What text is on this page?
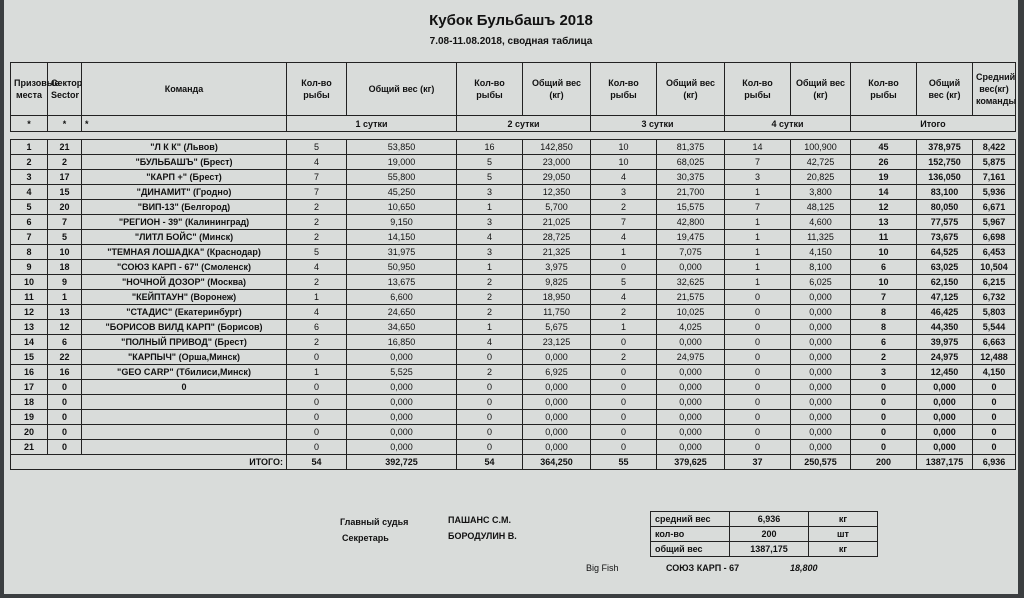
Кубок Бульбашъ 2018
7.08-11.08.2018, сводная таблица
Призовые места	Сектор Sector	Команда	Кол-во рыбы	Общий вес (кг)	Кол-во рыбы	Общий вес (кг)	Кол-во рыбы	Общий вес (кг)	Кол-во рыбы	Общий вес (кг)	Кол-во рыбы	Общий вес (кг)	Средний вес(кг) команды
*	*	*	1 сутки		2 сутки		3 сутки		4 сутки		Итого		

1	21	"Л К К" (Львов)	5	53,850	16	142,850	10	81,375	14	100,900	45	378,975	8,422
2	2	"БУЛЬБАШЪ" (Брест)	4	19,000	5	23,000	10	68,025	7	42,725	26	152,750	5,875
3	17	"КАРП +" (Брест)	7	55,800	5	29,050	4	30,375	3	20,825	19	136,050	7,161
4	15	"ДИНАМИТ" (Гродно)	7	45,250	3	12,350	3	21,700	1	3,800	14	83,100	5,936
5	20	"ВИП-13" (Белгород)	2	10,650	1	5,700	2	15,575	7	48,125	12	80,050	6,671
6	7	"РЕГИОН - 39" (Калининград)	2	9,150	3	21,025	7	42,800	1	4,600	13	77,575	5,967
7	5	"ЛИТЛ БОЙС" (Минск)	2	14,150	4	28,725	4	19,475	1	11,325	11	73,675	6,698
8	10	"ТЕМНАЯ ЛОШАДКА" (Краснодар)	5	31,975	3	21,325	1	7,075	1	4,150	10	64,525	6,453
9	18	"СОЮЗ КАРП - 67" (Смоленск)	4	50,950	1	3,975	0	0,000	1	8,100	6	63,025	10,504
10	9	"НОЧНОЙ ДОЗОР" (Москва)	2	13,675	2	9,825	5	32,625	1	6,025	10	62,150	6,215
11	1	"КЕЙПТАУН" (Воронеж)	1	6,600	2	18,950	4	21,575	0	0,000	7	47,125	6,732
12	13	"СТАДИС" (Екатеринбург)	4	24,650	2	11,750	2	10,025	0	0,000	8	46,425	5,803
13	12	"БОРИСОВ ВИЛД КАРП" (Борисов)	6	34,650	1	5,675	1	4,025	0	0,000	8	44,350	5,544
14	6	"ПОЛНЫЙ ПРИВОД" (Брест)	2	16,850	4	23,125	0	0,000	0	0,000	6	39,975	6,663
15	22	"КАРПЫЧ" (Орша,Минск)	0	0,000	0	0,000	2	24,975	0	0,000	2	24,975	12,488
16	16	"GEO CARP" (Тбилиси,Минск)	1	5,525	2	6,925	0	0,000	0	0,000	3	12,450	4,150
17	0	0	0	0,000	0	0,000	0	0,000	0	0,000	0	0,000	0
18	0		0	0,000	0	0,000	0	0,000	0	0,000	0	0,000	0
19	0		0	0,000	0	0,000	0	0,000	0	0,000	0	0,000	0
20	0		0	0,000	0	0,000	0	0,000	0	0,000	0	0,000	0
21	0		0	0,000	0	0,000	0	0,000	0	0,000	0	0,000	0
ИТОГО:			54	392,725	54	364,250	55	379,625	37	250,575	200	1387,175	6,936
Главный судья	ПАШАНС С.М.
Секретарь	БОРОДУЛИН В.
средний вес	6,936	кг
кол-во	200	шт
общий вес	1387,175	кг
Big Fish	СОЮЗ КАРП - 67	18,800
